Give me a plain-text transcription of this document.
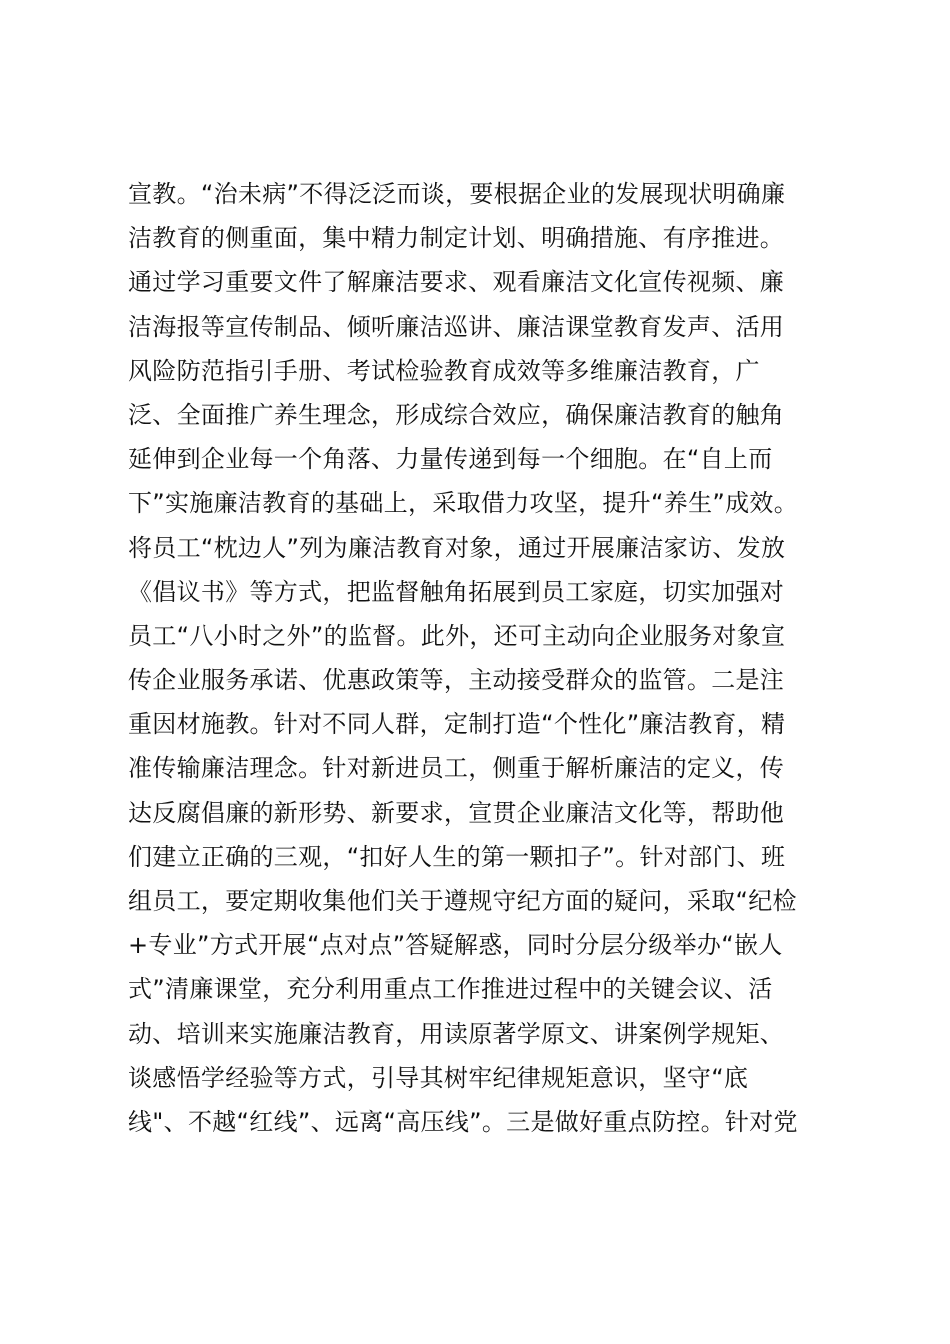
宣教。“治未病”不得泛泛而谈，要根据企业的发展现状明确廉
洁教育的侧重面，集中精力制定计划、明确措施、有序推进。
通过学习重要文件了解廉洁要求、观看廉洁文化宣传视频、廉
洁海报等宣传制品、倾听廉洁巡讲、廉洁课堂教育发声、活用
风险防范指引手册、考试检验教育成效等多维廉洁教育，广
泛、全面推广养生理念，形成综合效应，确保廉洁教育的触角
延伸到企业每一个角落、力量传递到每一个细胞。在“自上而
下”实施廉洁教育的基础上，采取借力攻坚，提升“养生”成效。
将员工“枕边人”列为廉洁教育对象，通过开展廉洁家访、发放
《倡议书》等方式，把监督触角拓展到员工家庭，切实加强对
员工“八小时之外”的监督。此外，还可主动向企业服务对象宣
传企业服务承诺、优惠政策等，主动接受群众的监管。二是注
重因材施教。针对不同人群，定制打造“个性化”廉洁教育，精
准传输廉洁理念。针对新进员工，侧重于解析廉洁的定义，传
达反腐倡廉的新形势、新要求，宣贯企业廉洁文化等，帮助他
们建立正确的三观，“扣好人生的第一颗扣子”。针对部门、班
组员工，要定期收集他们关于遵规守纪方面的疑问，采取“纪检
+专业”方式开展“点对点”答疑解惑，同时分层分级举办“嵌人
式”清廉课堂，充分利用重点工作推进过程中的关键会议、活
动、培训来实施廉洁教育，用读原著学原文、讲案例学规矩、
谈感悟学经验等方式，引导其树牢纪律规矩意识，坚守“底
线"、不越“红线”、远离“高压线”。三是做好重点防控。针对党
